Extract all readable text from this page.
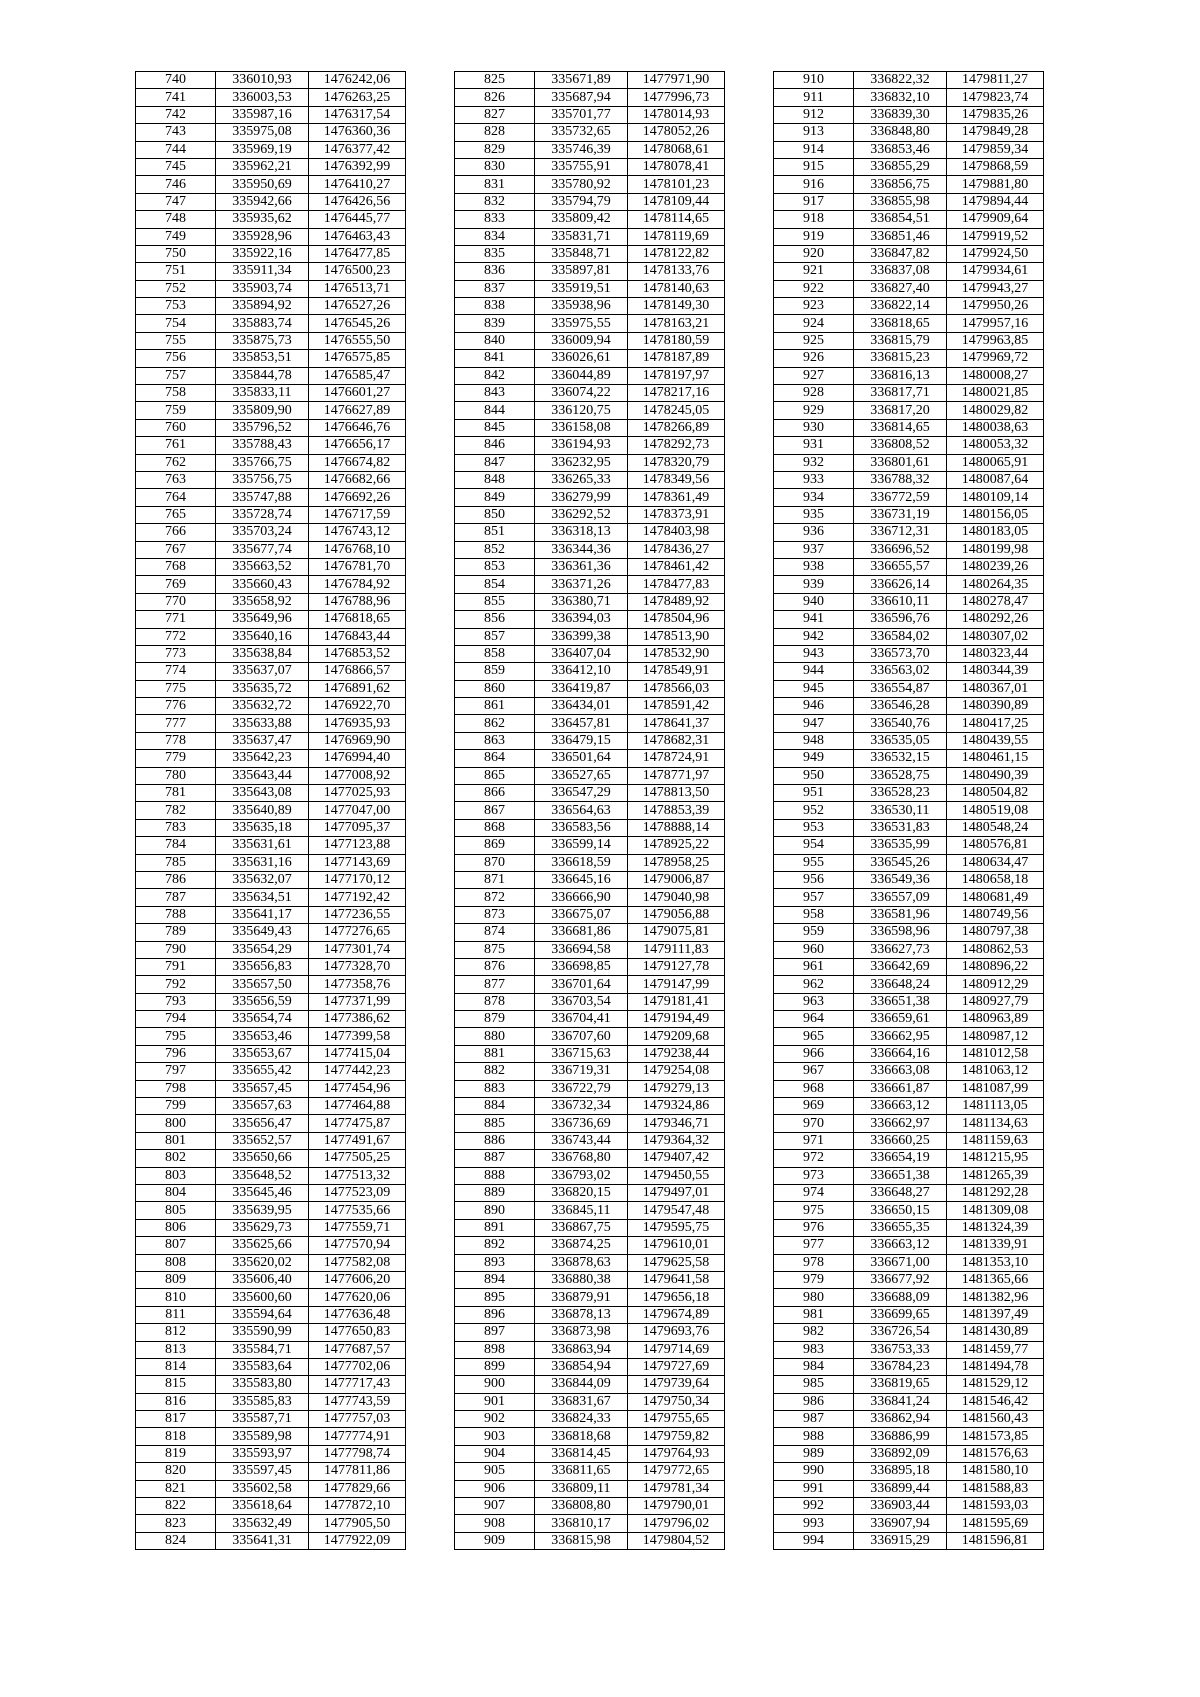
740	336010,93	1476242,06
741	336003,53	1476263,25
742	335987,16	1476317,54
743	335975,08	1476360,36
744	335969,19	1476377,42
745	335962,21	1476392,99
746	335950,69	1476410,27
747	335942,66	1476426,56
748	335935,62	1476445,77
749	335928,96	1476463,43
750	335922,16	1476477,85
751	335911,34	1476500,23
752	335903,74	1476513,71
753	335894,92	1476527,26
754	335883,74	1476545,26
755	335875,73	1476555,50
756	335853,51	1476575,85
757	335844,78	1476585,47
758	335833,11	1476601,27
759	335809,90	1476627,89
760	335796,52	1476646,76
761	335788,43	1476656,17
762	335766,75	1476674,82
763	335756,75	1476682,66
764	335747,88	1476692,26
765	335728,74	1476717,59
766	335703,24	1476743,12
767	335677,74	1476768,10
768	335663,52	1476781,70
769	335660,43	1476784,92
770	335658,92	1476788,96
771	335649,96	1476818,65
772	335640,16	1476843,44
773	335638,84	1476853,52
774	335637,07	1476866,57
775	335635,72	1476891,62
776	335632,72	1476922,70
777	335633,88	1476935,93
778	335637,47	1476969,90
779	335642,23	1476994,40
780	335643,44	1477008,92
781	335643,08	1477025,93
782	335640,89	1477047,00
783	335635,18	1477095,37
784	335631,61	1477123,88
785	335631,16	1477143,69
786	335632,07	1477170,12
787	335634,51	1477192,42
788	335641,17	1477236,55
789	335649,43	1477276,65
790	335654,29	1477301,74
791	335656,83	1477328,70
792	335657,50	1477358,76
793	335656,59	1477371,99
794	335654,74	1477386,62
795	335653,46	1477399,58
796	335653,67	1477415,04
797	335655,42	1477442,23
798	335657,45	1477454,96
799	335657,63	1477464,88
800	335656,47	1477475,87
801	335652,57	1477491,67
802	335650,66	1477505,25
803	335648,52	1477513,32
804	335645,46	1477523,09
805	335639,95	1477535,66
806	335629,73	1477559,71
807	335625,66	1477570,94
808	335620,02	1477582,08
809	335606,40	1477606,20
810	335600,60	1477620,06
811	335594,64	1477636,48
812	335590,99	1477650,83
813	335584,71	1477687,57
814	335583,64	1477702,06
815	335583,80	1477717,43
816	335585,83	1477743,59
817	335587,71	1477757,03
818	335589,98	1477774,91
819	335593,97	1477798,74
820	335597,45	1477811,86
821	335602,58	1477829,66
822	335618,64	1477872,10
823	335632,49	1477905,50
824	335641,31	1477922,09
825	335671,89	1477971,90
826	335687,94	1477996,73
827	335701,77	1478014,93
828	335732,65	1478052,26
829	335746,39	1478068,61
830	335755,91	1478078,41
831	335780,92	1478101,23
832	335794,79	1478109,44
833	335809,42	1478114,65
834	335831,71	1478119,69
835	335848,71	1478122,82
836	335897,81	1478133,76
837	335919,51	1478140,63
838	335938,96	1478149,30
839	335975,55	1478163,21
840	336009,94	1478180,59
841	336026,61	1478187,89
842	336044,89	1478197,97
843	336074,22	1478217,16
844	336120,75	1478245,05
845	336158,08	1478266,89
846	336194,93	1478292,73
847	336232,95	1478320,79
848	336265,33	1478349,56
849	336279,99	1478361,49
850	336292,52	1478373,91
851	336318,13	1478403,98
852	336344,36	1478436,27
853	336361,36	1478461,42
854	336371,26	1478477,83
855	336380,71	1478489,92
856	336394,03	1478504,96
857	336399,38	1478513,90
858	336407,04	1478532,90
859	336412,10	1478549,91
860	336419,87	1478566,03
861	336434,01	1478591,42
862	336457,81	1478641,37
863	336479,15	1478682,31
864	336501,64	1478724,91
865	336527,65	1478771,97
866	336547,29	1478813,50
867	336564,63	1478853,39
868	336583,56	1478888,14
869	336599,14	1478925,22
870	336618,59	1478958,25
871	336645,16	1479006,87
872	336666,90	1479040,98
873	336675,07	1479056,88
874	336681,86	1479075,81
875	336694,58	1479111,83
876	336698,85	1479127,78
877	336701,64	1479147,99
878	336703,54	1479181,41
879	336704,41	1479194,49
880	336707,60	1479209,68
881	336715,63	1479238,44
882	336719,31	1479254,08
883	336722,79	1479279,13
884	336732,34	1479324,86
885	336736,69	1479346,71
886	336743,44	1479364,32
887	336768,80	1479407,42
888	336793,02	1479450,55
889	336820,15	1479497,01
890	336845,11	1479547,48
891	336867,75	1479595,75
892	336874,25	1479610,01
893	336878,63	1479625,58
894	336880,38	1479641,58
895	336879,91	1479656,18
896	336878,13	1479674,89
897	336873,98	1479693,76
898	336863,94	1479714,69
899	336854,94	1479727,69
900	336844,09	1479739,64
901	336831,67	1479750,34
902	336824,33	1479755,65
903	336818,68	1479759,82
904	336814,45	1479764,93
905	336811,65	1479772,65
906	336809,11	1479781,34
907	336808,80	1479790,01
908	336810,17	1479796,02
909	336815,98	1479804,52
910	336822,32	1479811,27
911	336832,10	1479823,74
912	336839,30	1479835,26
913	336848,80	1479849,28
914	336853,46	1479859,34
915	336855,29	1479868,59
916	336856,75	1479881,80
917	336855,98	1479894,44
918	336854,51	1479909,64
919	336851,46	1479919,52
920	336847,82	1479924,50
921	336837,08	1479934,61
922	336827,40	1479943,27
923	336822,14	1479950,26
924	336818,65	1479957,16
925	336815,79	1479963,85
926	336815,23	1479969,72
927	336816,13	1480008,27
928	336817,71	1480021,85
929	336817,20	1480029,82
930	336814,65	1480038,63
931	336808,52	1480053,32
932	336801,61	1480065,91
933	336788,32	1480087,64
934	336772,59	1480109,14
935	336731,19	1480156,05
936	336712,31	1480183,05
937	336696,52	1480199,98
938	336655,57	1480239,26
939	336626,14	1480264,35
940	336610,11	1480278,47
941	336596,76	1480292,26
942	336584,02	1480307,02
943	336573,70	1480323,44
944	336563,02	1480344,39
945	336554,87	1480367,01
946	336546,28	1480390,89
947	336540,76	1480417,25
948	336535,05	1480439,55
949	336532,15	1480461,15
950	336528,75	1480490,39
951	336528,23	1480504,82
952	336530,11	1480519,08
953	336531,83	1480548,24
954	336535,99	1480576,81
955	336545,26	1480634,47
956	336549,36	1480658,18
957	336557,09	1480681,49
958	336581,96	1480749,56
959	336598,96	1480797,38
960	336627,73	1480862,53
961	336642,69	1480896,22
962	336648,24	1480912,29
963	336651,38	1480927,79
964	336659,61	1480963,89
965	336662,95	1480987,12
966	336664,16	1481012,58
967	336663,08	1481063,12
968	336661,87	1481087,99
969	336663,12	1481113,05
970	336662,97	1481134,63
971	336660,25	1481159,63
972	336654,19	1481215,95
973	336651,38	1481265,39
974	336648,27	1481292,28
975	336650,15	1481309,08
976	336655,35	1481324,39
977	336663,12	1481339,91
978	336671,00	1481353,10
979	336677,92	1481365,66
980	336688,09	1481382,96
981	336699,65	1481397,49
982	336726,54	1481430,89
983	336753,33	1481459,77
984	336784,23	1481494,78
985	336819,65	1481529,12
986	336841,24	1481546,42
987	336862,94	1481560,43
988	336886,99	1481573,85
989	336892,09	1481576,63
990	336895,18	1481580,10
991	336899,44	1481588,83
992	336903,44	1481593,03
993	336907,94	1481595,69
994	336915,29	1481596,81
